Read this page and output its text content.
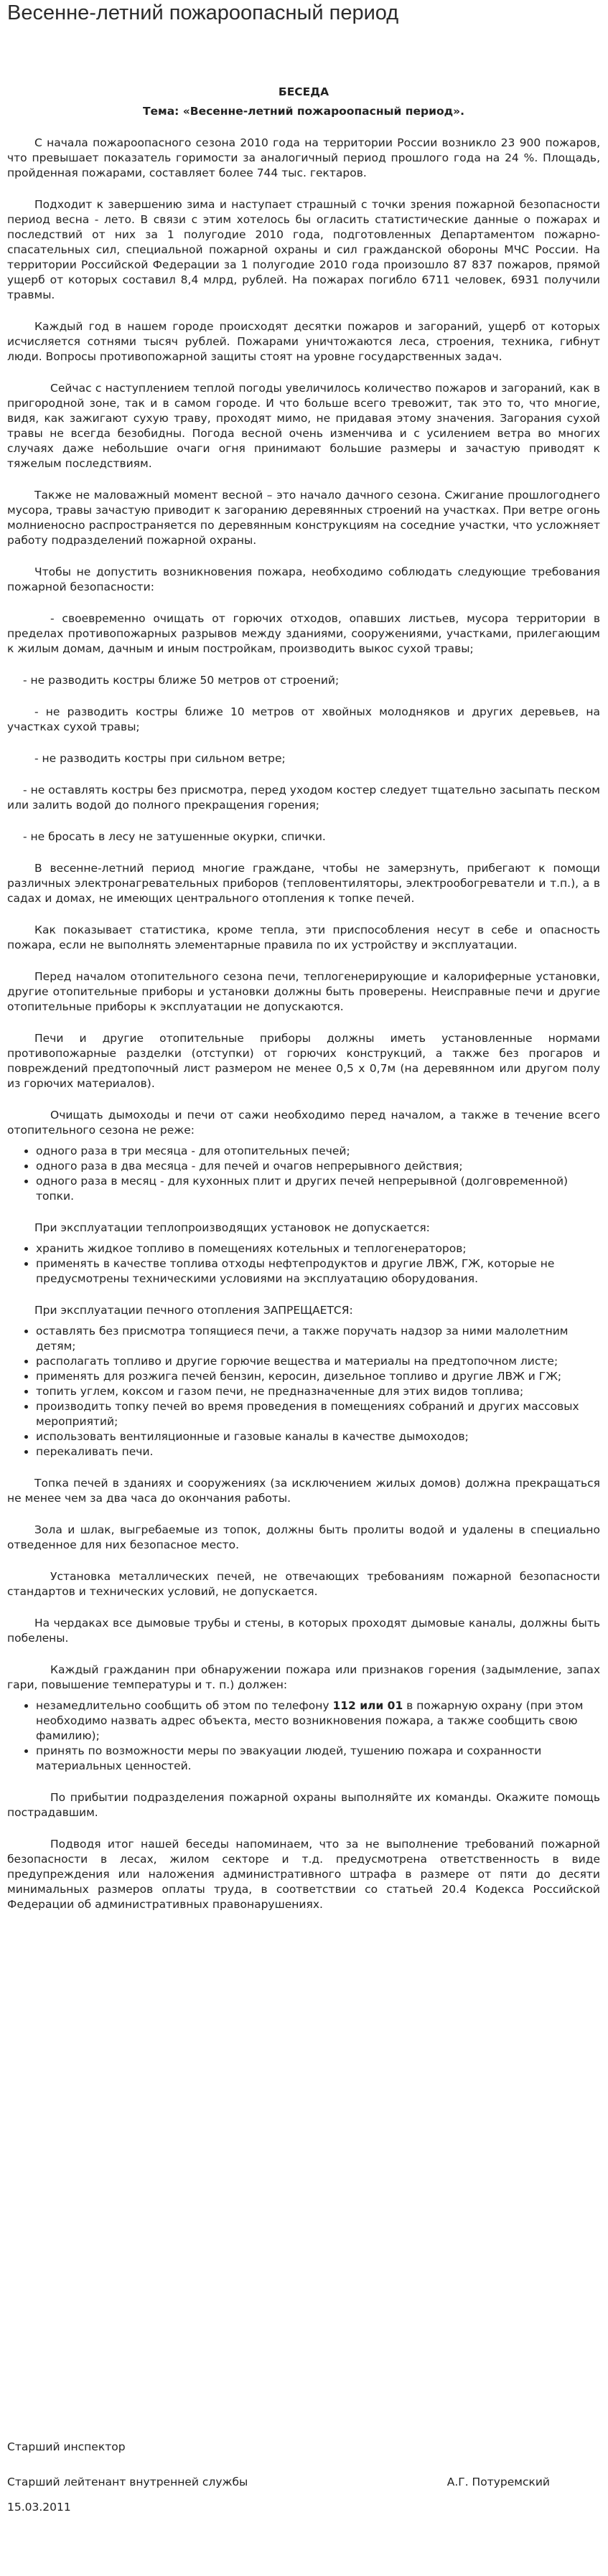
Весенне-летний пожароопасный период

БЕСЕДА

Тема: «Весенне-летний пожароопасный период».

С начала пожароопасного сезона 2010 года на территории России возникло 23 900 пожаров, что превышает показатель горимости за аналогичный период прошлого года на 24 %. Площадь, пройденная пожарами, составляет более 744 тыс. гектаров.

Подходит к завершению зима и наступает страшный с точки зрения пожарной безопасности период весна - лето. В связи с этим хотелось бы огласить статистические данные о пожарах и последствий от них за 1 полугодие 2010 года, подготовленных Департаментом пожарно-спасательных сил, специальной пожарной охраны и сил гражданской обороны МЧС России. На территории Российской Федерации за 1 полугодие 2010 года произошло 87 837 пожаров, прямой ущерб от которых составил 8,4 млрд, рублей. На пожарах погибло 6711 человек, 6931 получили травмы.

Каждый год в нашем городе происходят десятки пожаров и загораний, ущерб от которых исчисляется сотнями тысяч рублей. Пожарами уничтожаются леса, строения, техника, гибнут люди. Вопросы противопожарной защиты стоят на уровне государственных задач.

Сейчас с наступлением теплой погоды увеличилось количество пожаров и загораний, как в пригородной зоне, так и в самом городе. И что больше всего тревожит, так это то, что многие, видя, как зажигают сухую траву, проходят мимо, не придавая этому значения. Загорания сухой травы не всегда безобидны. Погода весной очень изменчива и с усилением ветра во многих случаях даже небольшие очаги огня принимают большие размеры и зачастую приводят к тяжелым последствиям.

Также не маловажный момент весной – это начало дачного сезона. Сжигание прошлогоднего мусора, травы зачастую приводит к загоранию деревянных строений на участках. При ветре огонь молниеносно распространяется по деревянным конструкциям на соседние участки, что усложняет работу подразделений пожарной охраны.

Чтобы не допустить возникновения пожара, необходимо соблюдать следующие требования пожарной безопасности:

- своевременно очищать от горючих отходов, опавших листьев, мусора территории в пределах противопожарных разрывов между зданиями, сооружениями, участками, прилегающим к жилым домам, дачным и иным постройкам, производить выкос сухой травы;

- не разводить костры ближе 50 метров от строений;

- не разводить костры ближе 10 метров от хвойных молодняков и других деревьев, на участках сухой травы;

- не разводить костры при сильном ветре;

- не оставлять костры без присмотра, перед уходом костер следует тщательно засыпать песком или залить водой до полного прекращения горения;

- не бросать в лесу не затушенные окурки, спички.

В весенне-летний период многие граждане, чтобы не замерзнуть, прибегают к помощи различных электронагревательных приборов (тепловентиляторы, электрообогреватели и т.п.), а в садах и домах, не имеющих центрального отопления к топке печей.

Как показывает статистика, кроме тепла, эти приспособления несут в себе и опасность пожара, если не выполнять элементарные правила по их устройству и эксплуатации.

Перед началом отопительного сезона печи, теплогенерирующие и калориферные установки, другие отопительные приборы и установки должны быть проверены. Неисправные печи и другие отопительные приборы к эксплуатации не допускаются.

Печи и другие отопительные приборы должны иметь установленные нормами противопожарные разделки (отступки) от горючих конструкций, а также без прогаров и повреждений предтопочный лист размером не менее 0,5 х 0,7м (на деревянном или другом полу из горючих материалов).

Очищать дымоходы и печи от сажи необходимо перед началом, а также в течение всего отопительного сезона не реже:

• одного раза в три месяца - для отопительных печей;
• одного раза в два месяца - для печей и очагов непрерывного действия;
• одного раза в месяц - для кухонных плит и других печей непрерывной (долговременной) топки.

При эксплуатации теплопроизводящих установок не допускается:

• хранить жидкое топливо в помещениях котельных и теплогенераторов;
• применять в качестве топлива отходы нефтепродуктов и другие ЛВЖ, ГЖ, которые не предусмотрены техническими условиями на эксплуатацию оборудования.

При эксплуатации печного отопления ЗАПРЕЩАЕТСЯ:

• оставлять без присмотра топящиеся печи, а также поручать надзор за ними малолетним детям;
• располагать топливо и другие горючие вещества и материалы на предтопочном листе;
• применять для розжига печей бензин, керосин, дизельное топливо и другие ЛВЖ и ГЖ;
• топить углем, коксом и газом печи, не предназначенные для этих видов топлива;
• производить топку печей во время проведения в помещениях собраний и других массовых мероприятий;
• использовать вентиляционные и газовые каналы в качестве дымоходов;
• перекаливать печи.

Топка печей в зданиях и сооружениях (за исключением жилых домов) должна прекращаться не менее чем за два часа до окончания работы.

Зола и шлак, выгребаемые из топок, должны быть пролиты водой и удалены в специально отведенное для них безопасное место.

Установка металлических печей, не отвечающих требованиям пожарной безопасности стандартов и технических условий, не допускается.

На чердаках все дымовые трубы и стены, в которых проходят дымовые каналы, должны быть побелены.

Каждый гражданин при обнаружении пожара или признаков горения (задымление, запах гари, повышение температуры и т. п.) должен:

• незамедлительно сообщить об этом по телефону 112 или 01 в пожарную охрану (при этом необходимо назвать адрес объекта, место возникновения пожара, а также сообщить свою фамилию);
• принять по возможности меры по эвакуации людей, тушению пожара и сохранности материальных ценностей.

По прибытии подразделения пожарной охраны выполняйте их команды. Окажите помощь пострадавшим.

Подводя итог нашей беседы напоминаем, что за не выполнение требований пожарной безопасности в лесах, жилом секторе и т.д. предусмотрена ответственность в виде предупреждения или наложения административного штрафа в размере от пяти до десяти минимальных размеров оплаты труда, в соответствии со статьей 20.4 Кодекса Российской Федерации об административных правонарушениях.

Старший инспектор
Старший лейтенант внутренней службы	А.Г. Потуремский
15.03.2011
